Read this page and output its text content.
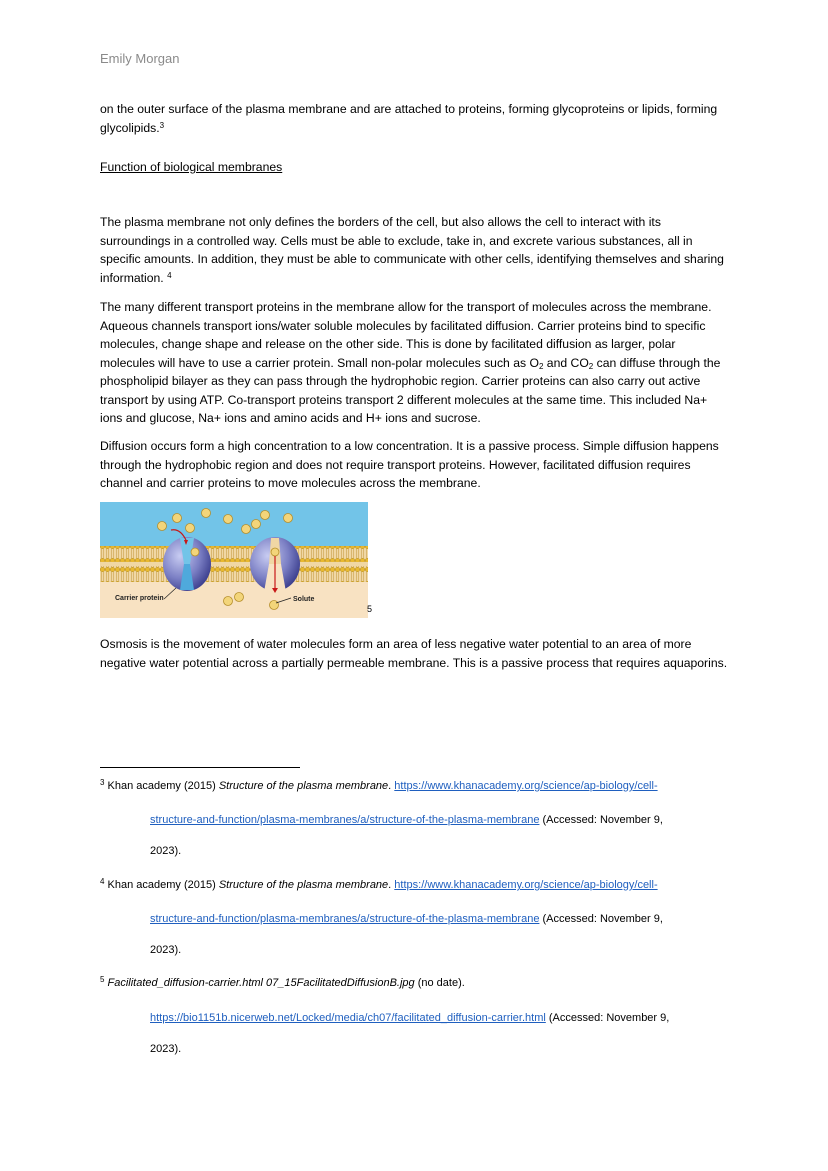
Emily Morgan

on the outer surface of the plasma membrane and are attached to proteins, forming glycoproteins or lipids, forming glycolipids.$^3$

Function of biological membranes

The plasma membrane not only defines the borders of the cell, but also allows the cell to interact with its surroundings in a controlled way. Cells must be able to exclude, take in, and excrete various substances, all in specific amounts. In addition, they must be able to communicate with other cells, identifying themselves and sharing information. $^4$

The many different transport proteins in the membrane allow for the transport of molecules across the membrane. Aqueous channels transport ions/water soluble molecules by facilitated diffusion. Carrier proteins bind to specific molecules, change shape and release on the other side. This is done by facilitated diffusion as larger, polar molecules will have to use a carrier protein. Small non-polar molecules such as $O_2$ and $CO_2$ can diffuse through the phospholipid bilayer as they can pass through the hydrophobic region. Carrier proteins can also carry out active transport by using ATP. Co-transport proteins transport 2 different molecules at the same time. This included Na+ ions and glucose, Na+ ions and amino acids and H+ ions and sucrose.

Diffusion occurs form a high concentration to a low concentration. It is a passive process. Simple diffusion happens through the hydrophobic region and does not require transport proteins. However, facilitated diffusion requires channel and carrier proteins to move molecules across the membrane.

Carrier protein	Solute
5

Osmosis is the movement of water molecules form an area of less negative water potential to an area of more negative water potential across a partially permeable membrane. This is a passive process that requires aquaporins.

$^3$ Khan academy (2015) Structure of the plasma membrane. https://www.khanacademy.org/science/ap-biology/cell-

structure-and-function/plasma-membranes/a/structure-of-the-plasma-membrane (Accessed: November 9,

2023).

$^4$ Khan academy (2015) Structure of the plasma membrane. https://www.khanacademy.org/science/ap-biology/cell-

structure-and-function/plasma-membranes/a/structure-of-the-plasma-membrane (Accessed: November 9,

2023).

$^5$ Facilitated_diffusion-carrier.html 07_15FacilitatedDiffusionB.jpg (no date).

https://bio1151b.nicerweb.net/Locked/media/ch07/facilitated_diffusion-carrier.html (Accessed: November 9,

2023).
